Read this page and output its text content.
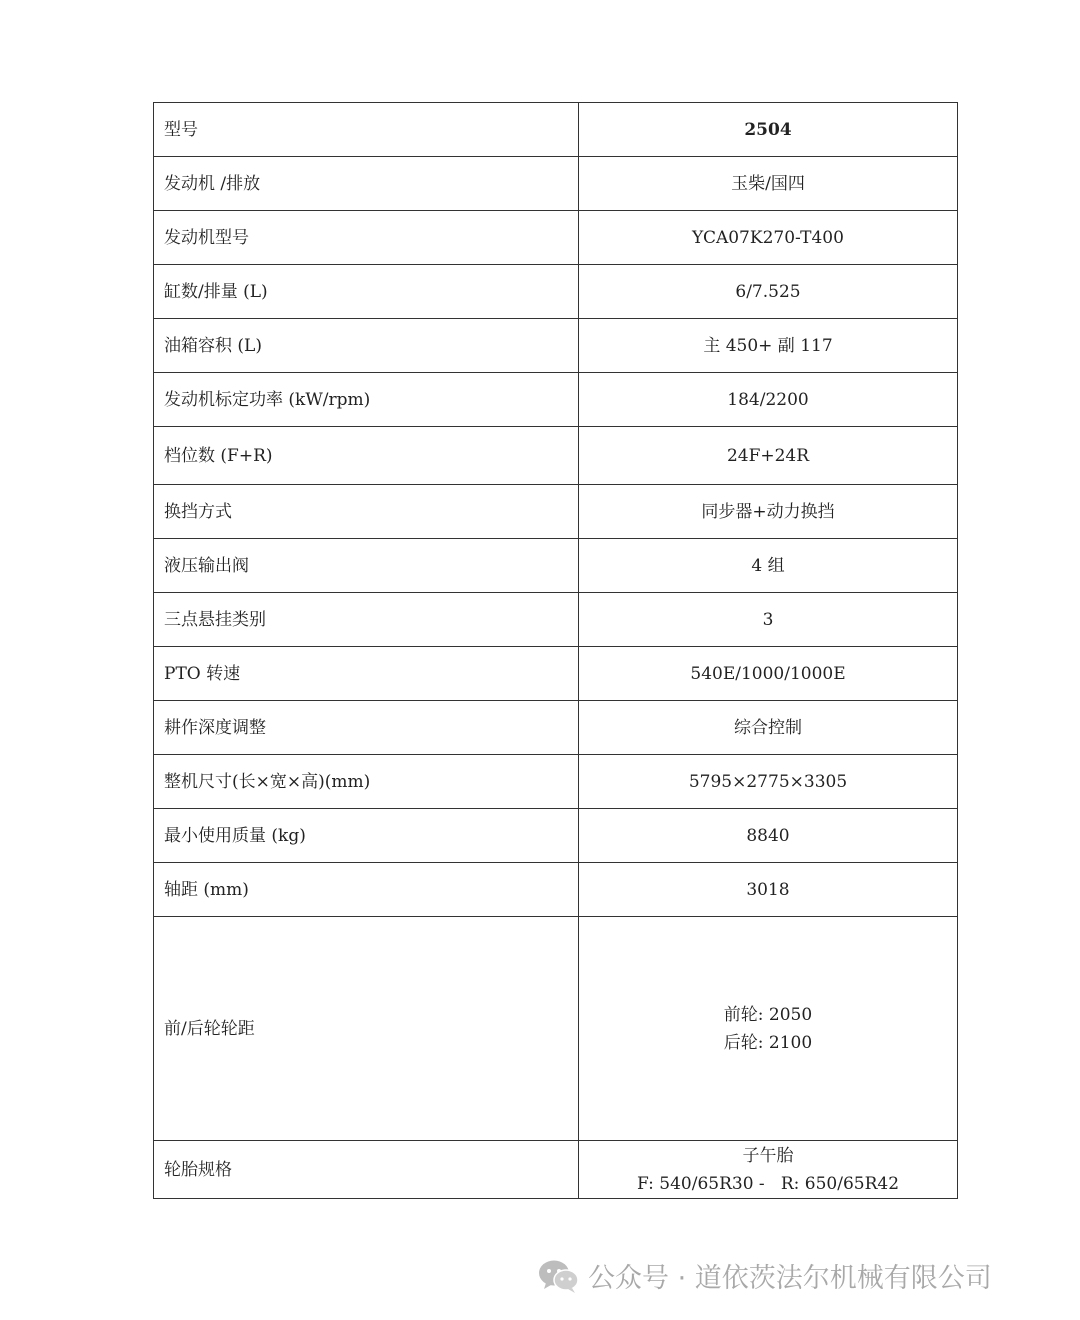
型号	2504
发动机 /排放	玉柴/国四
发动机型号	YCA07K270-T400
缸数/排量 (L)	6/7.525
油箱容积 (L)	主 450+ 副 117
发动机标定功率 (kW/rpm)	184/2200
档位数 (F+R)	24F+24R
换挡方式	同步器+动力换挡
液压输出阀	4 组
三点悬挂类别	3
PTO 转速	540E/1000/1000E
耕作深度调整	综合控制
整机尺寸(长×宽×高)(mm)	5795×2775×3305
最小使用质量 (kg)	8840
轴距 (mm)	3018
前/后轮轮距	前轮: 2050
后轮: 2100

轮胎规格	子午胎
F: 540/65R30 -   R: 650/65R42
公众号 · 道依茨法尔机械有限公司
